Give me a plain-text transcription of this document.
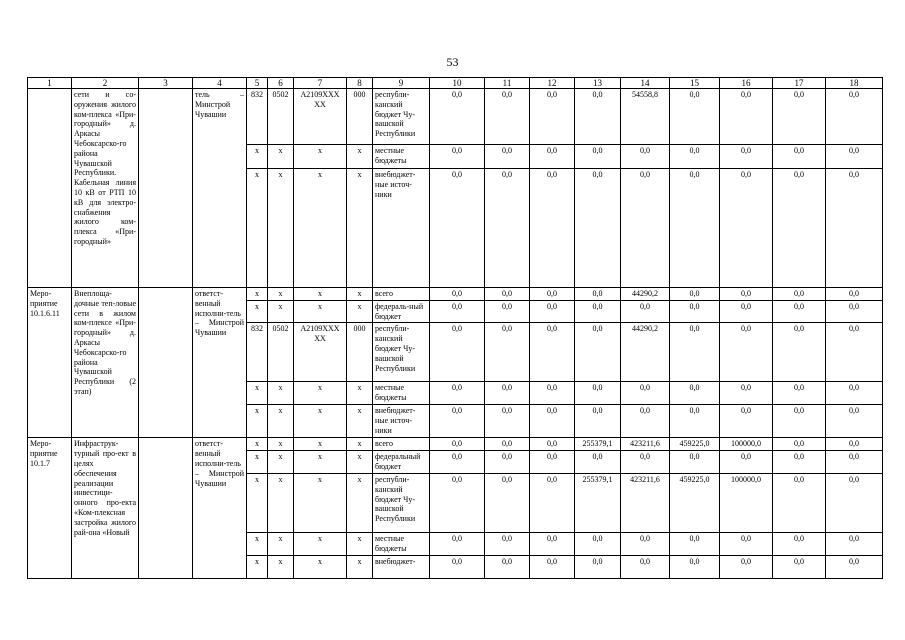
53
1	2	3	4	5	6	7	8	9	10	11	12	13	14	15	16	17	18
	сети и со-оружения жилого ком-плекса «При-городный» д. Аркасы Чебоксарско-го района Чувашской Республики. Кабельная линия 10 кВ от РТП 10 кВ для электро-снабжения жилого ком-плекса «При-городный»		тель – Минстрой Чувашии	832	0502	А2109ХХХ ХХ	000	республи-канский бюджет Чу-вашской Республики	0,0	0,0	0,0	0,0	54558,8	0,0	0,0	0,0	0,0
				х	х	х	х	местные бюджеты	0,0	0,0	0,0	0,0	0,0	0,0	0,0	0,0	0,0
				х	х	х	х	внебюджет-ные источ-ники	0,0	0,0	0,0	0,0	0,0	0,0	0,0	0,0	0,0
Меро-приятие 10.1.6.11	Внеплоща-дочные теп-ловые сети в жилом ком-плексе «При-городный» д. Аркасы Чебоксарско-го района Чувашской Республики (2 этап)		ответст-венный исполни-тель – Минстрой Чувашии	х	х	х	х	всего	0,0	0,0	0,0	0,0	44290,2	0,0	0,0	0,0	0,0
				х	х	х	х	федераль-ный бюджет	0,0	0,0	0,0	0,0	0,0	0,0	0,0	0,0	0,0
				832	0502	А2109ХХХ ХХ	000	республи-канский бюджет Чу-вашской Республики	0,0	0,0	0,0	0,0	44290,2	0,0	0,0	0,0	0,0
				х	х	х	х	местные бюджеты	0,0	0,0	0,0	0,0	0,0	0,0	0,0	0,0	0,0
				х	х	х	х	внебюджет-ные источ-ники	0,0	0,0	0,0	0,0	0,0	0,0	0,0	0,0	0,0
Меро-приятие 10.1.7	Инфраструк-турный про-ект в целях обеспечения реализации инвестици-онного про-екта «Ком-плексная застройка жилого рай-она «Новый		ответст-венный исполни-тель – Минстрой Чувашии	х	х	х	х	всего	0,0	0,0	0,0	255379,1	423211,6	459225,0	100000,0	0,0	0,0
				х	х	х	х	федеральный бюджет	0,0	0,0	0,0	0,0	0,0	0,0	0,0	0,0	0,0
				х	х	х	х	республи-канский бюджет Чу-вашской Республики	0,0	0,0	0,0	255379,1	423211,6	459225,0	100000,0	0,0	0,0
				х	х	х	х	местные бюджеты	0,0	0,0	0,0	0,0	0,0	0,0	0,0	0,0	0,0
				х	х	х	х	внебюджет-	0,0	0,0	0,0	0,0	0,0	0,0	0,0	0,0	0,0
